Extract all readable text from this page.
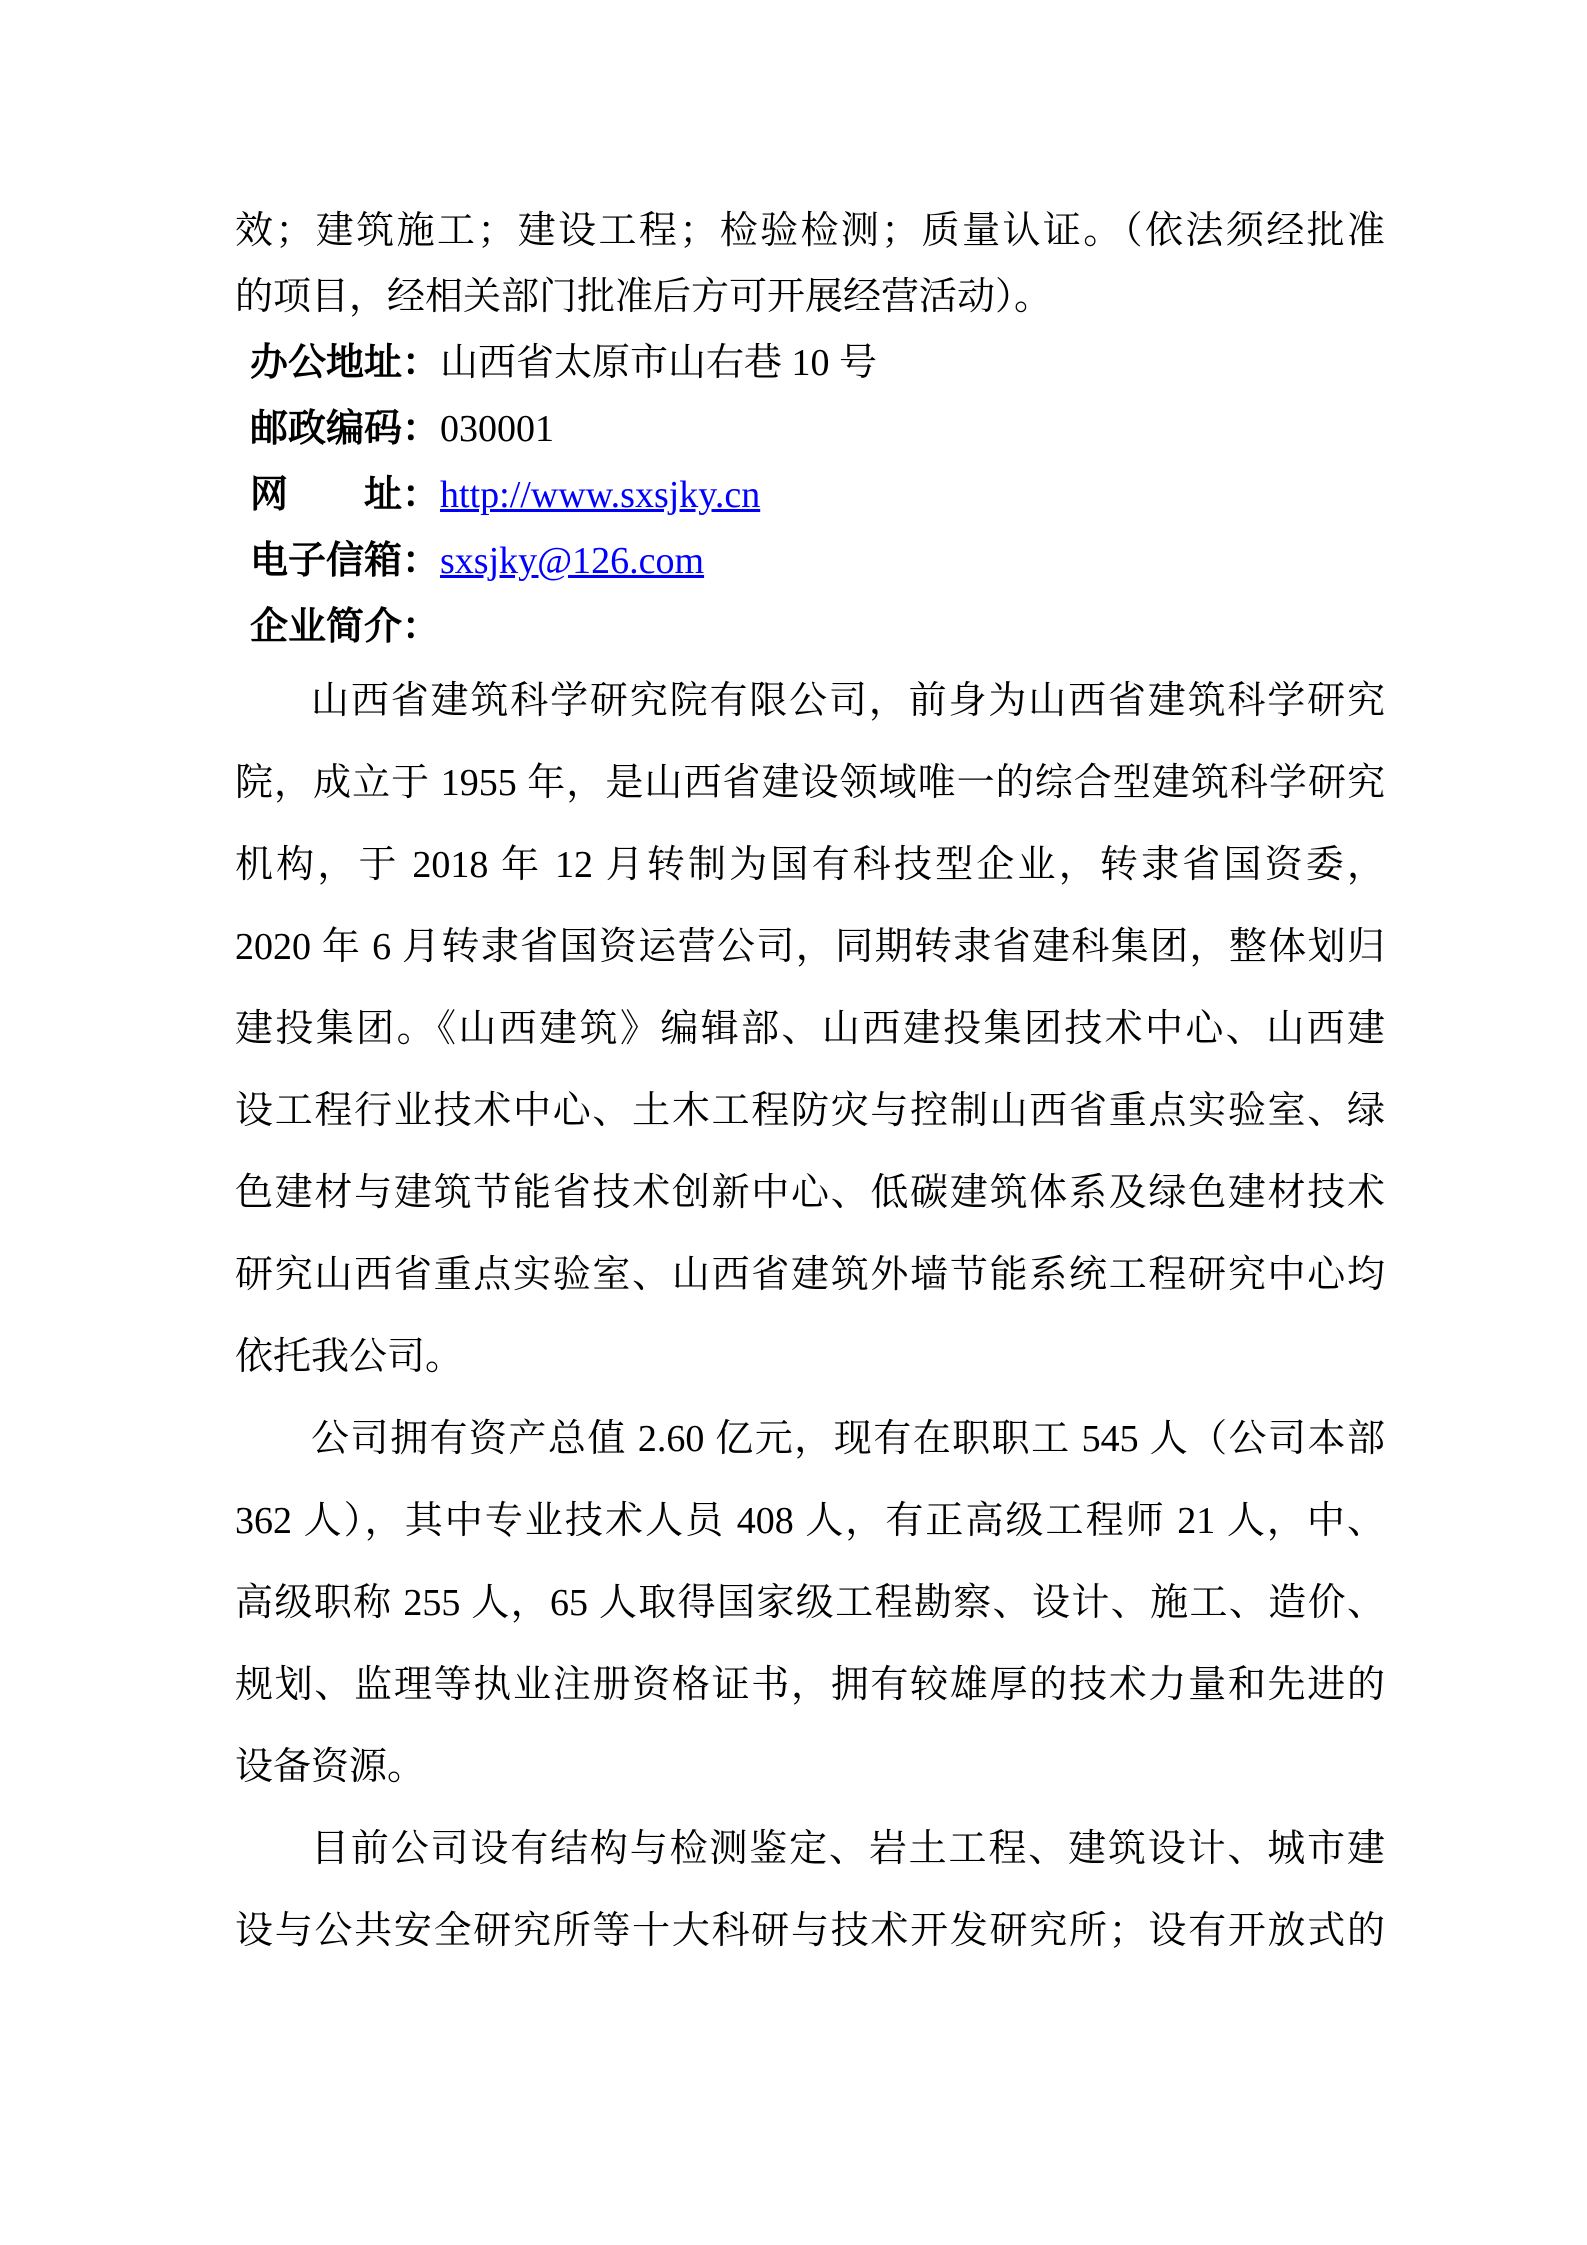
效；建筑施工；建设工程；检验检测；质量认证。（依法须经批准
的项目，经相关部门批准后方可开展经营活动）。
办公地址：山西省太原市山右巷 10 号
邮政编码：030001
网　　址：http://www.sxsjky.cn
电子信箱：sxsjky@126.com
企业简介：
山西省建筑科学研究院有限公司，前身为山西省建筑科学研究
院，成立于 1955 年，是山西省建设领域唯一的综合型建筑科学研究
机构，于 2018 年 12 月转制为国有科技型企业，转隶省国资委，
2020 年 6 月转隶省国资运营公司，同期转隶省建科集团，整体划归
建投集团。《山西建筑》编辑部、山西建投集团技术中心、山西建
设工程行业技术中心、土木工程防灾与控制山西省重点实验室、绿
色建材与建筑节能省技术创新中心、低碳建筑体系及绿色建材技术
研究山西省重点实验室、山西省建筑外墙节能系统工程研究中心均
依托我公司。
公司拥有资产总值 2.60 亿元，现有在职职工 545 人（公司本部
362 人），其中专业技术人员 408 人，有正高级工程师 21 人，中、
高级职称 255 人，65 人取得国家级工程勘察、设计、施工、造价、
规划、监理等执业注册资格证书，拥有较雄厚的技术力量和先进的
设备资源。
目前公司设有结构与检测鉴定、岩土工程、建筑设计、城市建
设与公共安全研究所等十大科研与技术开发研究所；设有开放式的
